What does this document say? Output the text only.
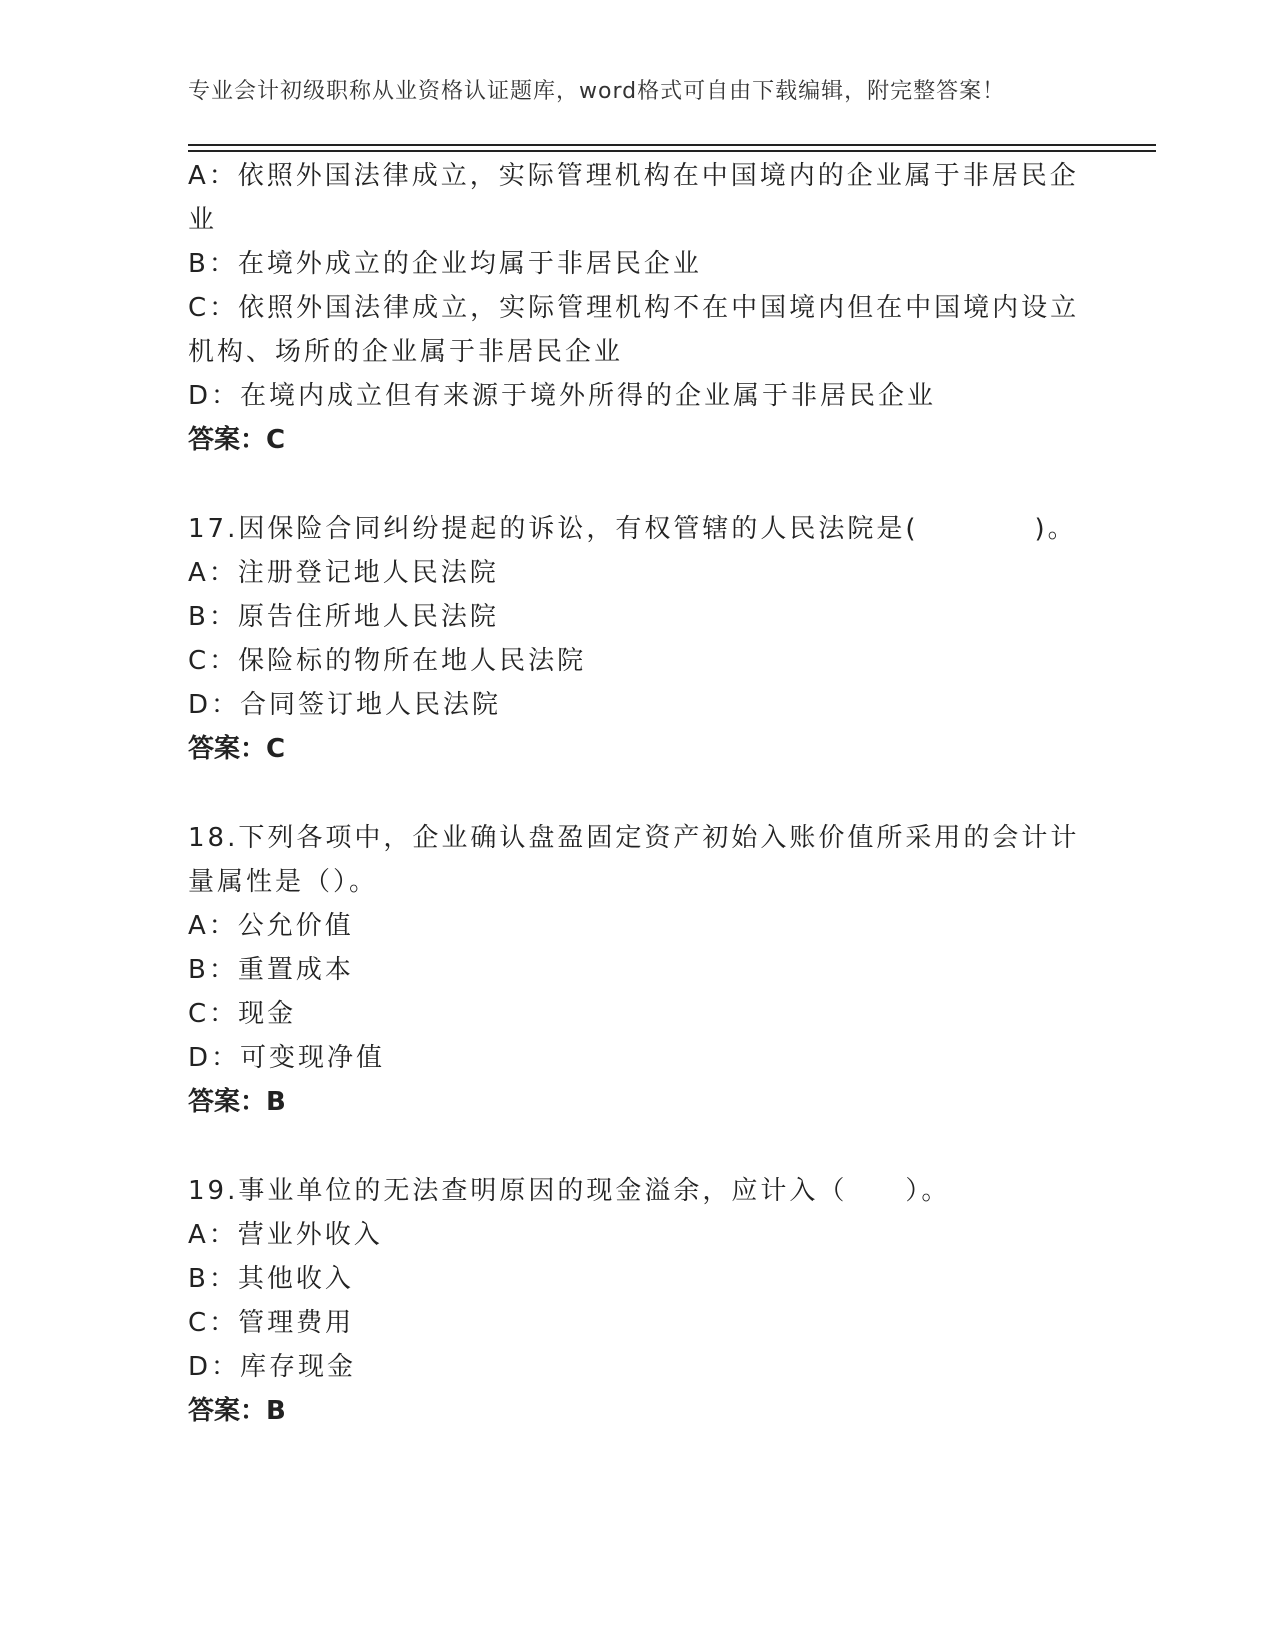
专业会计初级职称从业资格认证题库，word格式可自由下载编辑，附完整答案！
A：依照外国法律成立，实际管理机构在中国境内的企业属于非居民企
业
B：在境外成立的企业均属于非居民企业
C：依照外国法律成立，实际管理机构不在中国境内但在中国境内设立
机构、场所的企业属于非居民企业
D：在境内成立但有来源于境外所得的企业属于非居民企业
答案：C
17.因保险合同纠纷提起的诉讼，有权管辖的人民法院是(　　　　)。
A：注册登记地人民法院
B：原告住所地人民法院
C：保险标的物所在地人民法院
D：合同签订地人民法院
答案：C
18.下列各项中，企业确认盘盈固定资产初始入账价值所采用的会计计
量属性是（）。
A：公允价值
B：重置成本
C：现金
D：可变现净值
答案：B
19.事业单位的无法查明原因的现金溢余，应计入（　　）。
A：营业外收入
B：其他收入
C：管理费用
D：库存现金
答案：B
